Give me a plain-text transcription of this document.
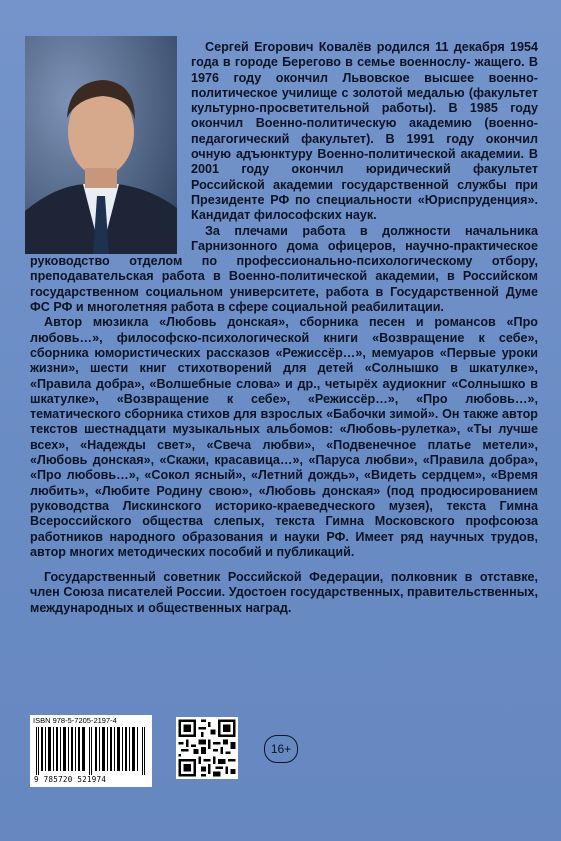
Сергей Егорович Ковалёв родился 11 декабря 1954 года в городе Берегово в семье военнослу- жащего. В 1976 году окончил Львовское высшее военно-политическое училище с золотой медалью (факультет культурно-просветительной работы). В 1985 году окончил Военно-политическую академию (военно-педагогический факультет). В 1991 году окончил очную адъюнктуру Военно-политической академии. В 2001 году окончил юридический факультет Российской академии государственной службы при Президенте РФ по специальности «Юриспруденция». Кандидат философских наук.

За плечами работа в должности начальника Гарнизонного дома офицеров, научно-практическое руководство отделом по профессионально-психологическому отбору, преподавательская работа в Военно-политической академии, в Российском государственном социальном университете, работа в Государственной Думе ФС РФ и многолетняя работа в сфере социальной реабилитации.

Автор мюзикла «Любовь донская», сборника песен и романсов «Про любовь…», философско-психологической книги «Возвращение к себе», сборника юмористических рассказов «Режиссёр…», мемуаров «Первые уроки жизни», шести книг стихотворений для детей «Солнышко в шкатулке», «Правила добра», «Волшебные слова» и др., четырёх аудиокниг «Солнышко в шкатулке», «Возвращение к себе», «Режиссёр…», «Про любовь…», тематического сборника стихов для взрослых «Бабочки зимой». Он также автор текстов шестнадцати музыкальных альбомов: «Любовь-рулетка», «Ты лучше всех», «Надежды свет», «Свеча любви», «Подвенечное платье метели», «Любовь донская», «Скажи, красавица…», «Паруса любви», «Правила добра», «Про любовь…», «Сокол ясный», «Летний дождь», «Видеть сердцем», «Время любить», «Любите Родину свою», «Любовь донская» (под продюсированием руководства Лискинского историко-краеведческого музея), текста Гимна Всероссийского общества слепых, текста Гимна Московского профсоюза работников народного образования и науки РФ. Имеет ряд научных трудов, автор многих методических пособий и публикаций.

Государственный советник Российской Федерации, полковник в отставке, член Союза писателей России. Удостоен государственных, правительственных, международных и общественных наград.

ISBN 978-5-7205-2197-4
9 785720 521974
16+
